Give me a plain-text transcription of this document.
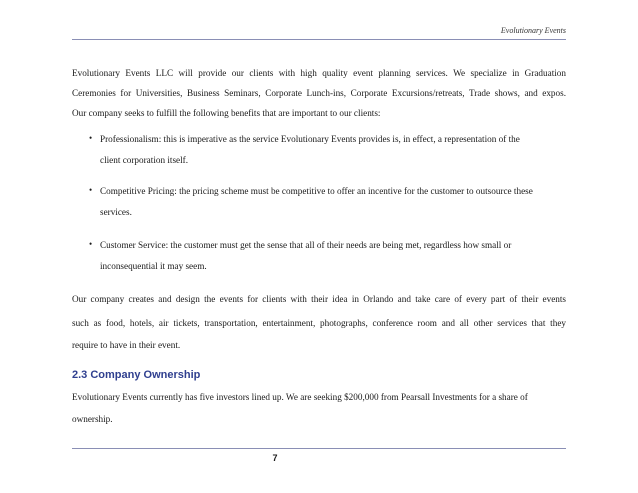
Evolutionary Events
Evolutionary Events LLC will provide our clients with high quality event planning services. We specialize in Graduation
Ceremonies for Universities, Business Seminars, Corporate Lunch-ins, Corporate Excursions/retreats, Trade shows, and expos.
Our company seeks to fulfill the following benefits that are important to our clients:
• Professionalism: this is imperative as the service Evolutionary Events provides is, in effect, a representation of the
client corporation itself.
• Competitive Pricing: the pricing scheme must be competitive to offer an incentive for the customer to outsource these
services.
• Customer Service: the customer must get the sense that all of their needs are being met, regardless how small or
inconsequential it may seem.
Our company creates and design the events for clients with their idea in Orlando and take care of every part of their events
such as food, hotels, air tickets, transportation, entertainment, photographs, conference room and all other services that they
require to have in their event.
2.3 Company Ownership
Evolutionary Events currently has five investors lined up. We are seeking $200,000 from Pearsall Investments for a share of
ownership.
7
